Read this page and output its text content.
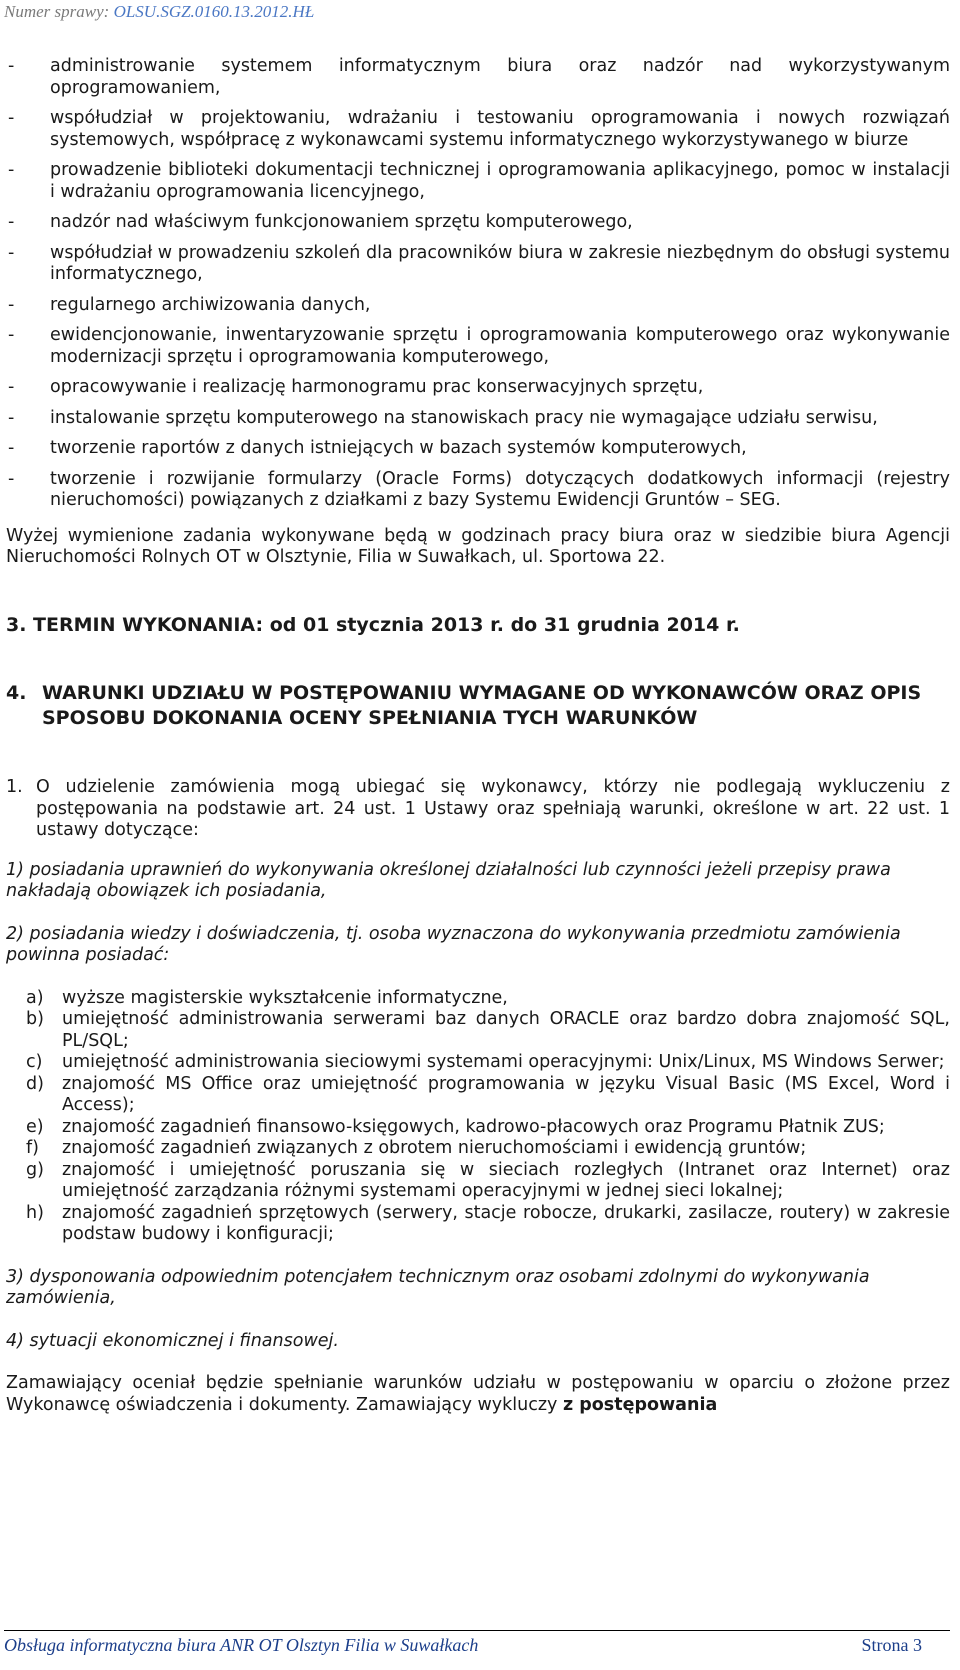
Numer sprawy: OLSU.SGZ.0160.13.2012.HŁ
-	administrowanie systemem informatycznym biura oraz nadzór nad wykorzystywanym oprogramowaniem,
-	współudział w projektowaniu, wdrażaniu i testowaniu oprogramowania i nowych rozwiązań systemowych, współpracę z wykonawcami systemu informatycznego wykorzystywanego w biurze
-	prowadzenie biblioteki dokumentacji technicznej i oprogramowania aplikacyjnego, pomoc w instalacji i wdrażaniu oprogramowania licencyjnego,
-	nadzór nad właściwym funkcjonowaniem sprzętu komputerowego,
-	współudział w prowadzeniu szkoleń dla pracowników biura w zakresie niezbędnym do obsługi systemu informatycznego,
-	regularnego archiwizowania danych,
-	ewidencjonowanie, inwentaryzowanie sprzętu i oprogramowania komputerowego oraz wykonywanie modernizacji sprzętu i oprogramowania komputerowego,
-	opracowywanie i realizację harmonogramu prac konserwacyjnych sprzętu,
-	instalowanie sprzętu komputerowego na stanowiskach pracy nie wymagające udziału serwisu,
-	tworzenie raportów z danych istniejących w bazach systemów komputerowych,
-	tworzenie i rozwijanie formularzy (Oracle Forms) dotyczących dodatkowych informacji (rejestry nieruchomości) powiązanych z działkami z bazy Systemu Ewidencji Gruntów – SEG.

Wyżej wymienione zadania wykonywane będą w godzinach pracy biura oraz w siedzibie biura Agencji Nieruchomości Rolnych OT w Olsztynie, Filia w Suwałkach, ul. Sportowa 22.

3. TERMIN WYKONANIA: od 01 stycznia 2013 r. do 31 grudnia 2014 r.

4. WARUNKI UDZIAŁU W POSTĘPOWANIU WYMAGANE OD WYKONAWCÓW ORAZ OPIS SPOSOBU DOKONANIA OCENY SPEŁNIANIA TYCH WARUNKÓW
1. O udzielenie zamówienia mogą ubiegać się wykonawcy, którzy nie podlegają wykluczeniu z postępowania na podstawie art. 24 ust. 1 Ustawy oraz spełniają warunki, określone w art. 22 ust. 1 ustawy dotyczące:

1) posiadania uprawnień do wykonywania określonej działalności lub czynności jeżeli przepisy prawa nakładają obowiązek ich posiadania,

2) posiadania wiedzy i doświadczenia, tj. osoba wyznaczona do wykonywania przedmiotu zamówienia powinna posiadać:

a)	wyższe magisterskie wykształcenie informatyczne,
b)	umiejętność administrowania serwerami baz danych ORACLE oraz bardzo dobra znajomość SQL, PL/SQL;
c)	umiejętność administrowania sieciowymi systemami operacyjnymi: Unix/Linux, MS Windows Serwer;
d)	znajomość MS Office oraz umiejętność programowania w języku Visual Basic (MS Excel, Word i Access);
e)	znajomość zagadnień finansowo-księgowych, kadrowo-płacowych oraz Programu Płatnik ZUS;
f)	znajomość zagadnień związanych z obrotem nieruchomościami i ewidencją gruntów;
g)	znajomość i umiejętność poruszania się w sieciach rozległych (Intranet oraz Internet) oraz umiejętność zarządzania różnymi systemami operacyjnymi w jednej sieci lokalnej;
h)	znajomość zagadnień sprzętowych (serwery, stacje robocze, drukarki, zasilacze, routery) w zakresie podstaw budowy i konfiguracji;

3) dysponowania odpowiednim potencjałem technicznym oraz osobami zdolnymi do wykonywania zamówienia,

4) sytuacji ekonomicznej i finansowej.

Zamawiający oceniał będzie spełnianie warunków udziału w postępowaniu w oparciu o złożone przez Wykonawcę oświadczenia i dokumenty. Zamawiający wykluczy z postępowania

Obsługa informatyczna biura ANR OT Olsztyn Filia w Suwałkach	Strona 3
